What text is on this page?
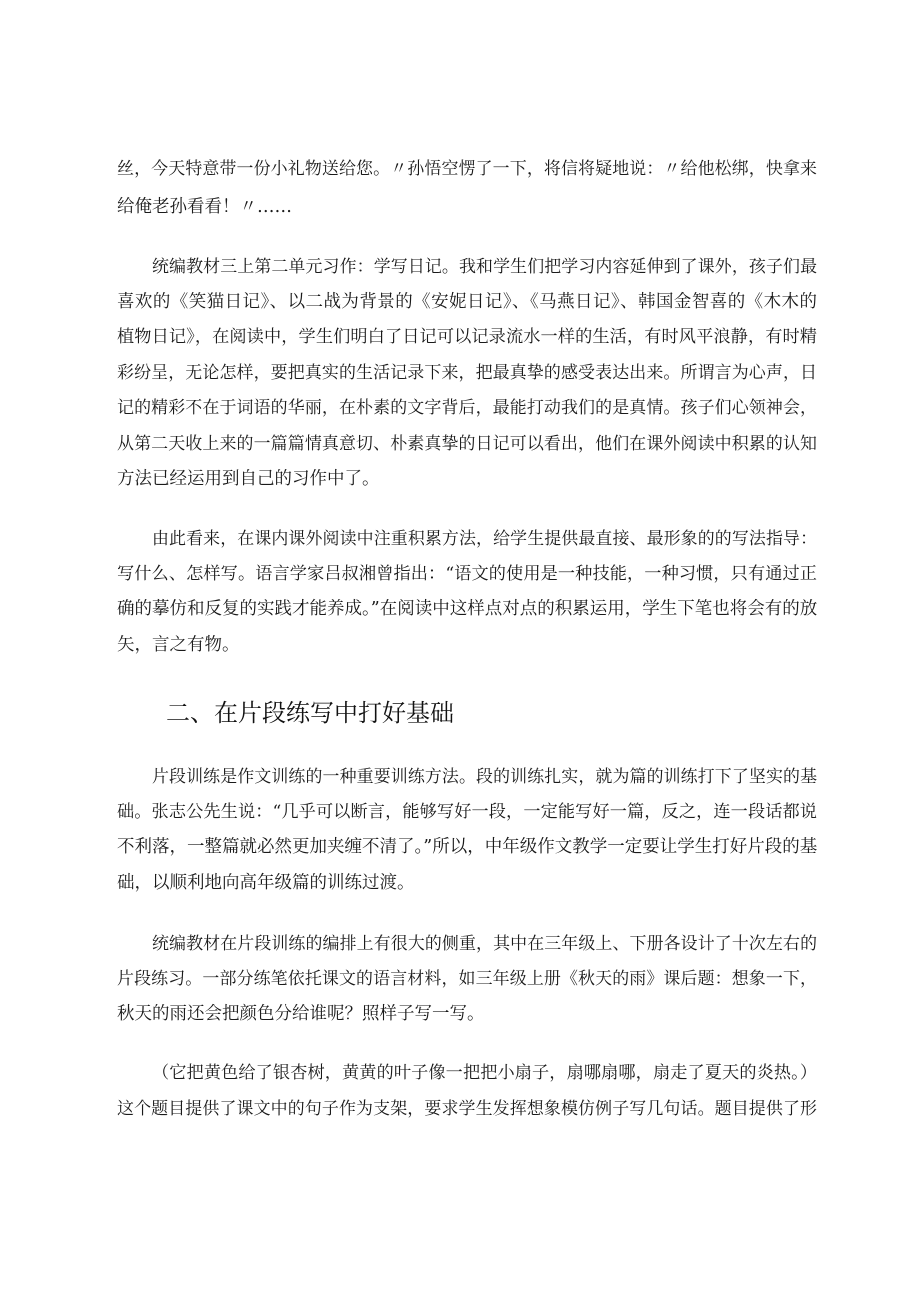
丝，今天特意带一份小礼物送给您。〃孙悟空愣了一下，将信将疑地说：〃给他松绑，快拿来
给俺老孙看看！〃……
统编教材三上第二单元习作：学写日记。我和学生们把学习内容延伸到了课外，孩子们最
喜欢的《笑猫日记》、以二战为背景的《安妮日记》、《马燕日记》、韩国金智喜的《木木的
植物日记》，在阅读中，学生们明白了日记可以记录流水一样的生活，有时风平浪静，有时精
彩纷呈，无论怎样，要把真实的生活记录下来，把最真挚的感受表达出来。所谓言为心声，日
记的精彩不在于词语的华丽，在朴素的文字背后，最能打动我们的是真情。孩子们心领神会，
从第二天收上来的一篇篇情真意切、朴素真挚的日记可以看出，他们在课外阅读中积累的认知
方法已经运用到自己的习作中了。
由此看来，在课内课外阅读中注重积累方法，给学生提供最直接、最形象的的写法指导：
写什么、怎样写。语言学家吕叔湘曾指出：“语文的使用是一种技能，一种习惯，只有通过正
确的摹仿和反复的实践才能养成。”在阅读中这样点对点的积累运用，学生下笔也将会有的放
矢，言之有物。
二、在片段练写中打好基础
片段训练是作文训练的一种重要训练方法。段的训练扎实，就为篇的训练打下了坚实的基
础。张志公先生说：“几乎可以断言，能够写好一段，一定能写好一篇，反之，连一段话都说
不利落，一整篇就必然更加夹缠不清了。”所以，中年级作文教学一定要让学生打好片段的基
础，以顺利地向高年级篇的训练过渡。
统编教材在片段训练的编排上有很大的侧重，其中在三年级上、下册各设计了十次左右的
片段练习。一部分练笔依托课文的语言材料，如三年级上册《秋天的雨》课后题：想象一下，
秋天的雨还会把颜色分给谁呢？照样子写一写。
（它把黄色给了银杏树，黄黄的叶子像一把把小扇子，扇哪扇哪，扇走了夏天的炎热。）
这个题目提供了课文中的句子作为支架，要求学生发挥想象模仿例子写几句话。题目提供了形
